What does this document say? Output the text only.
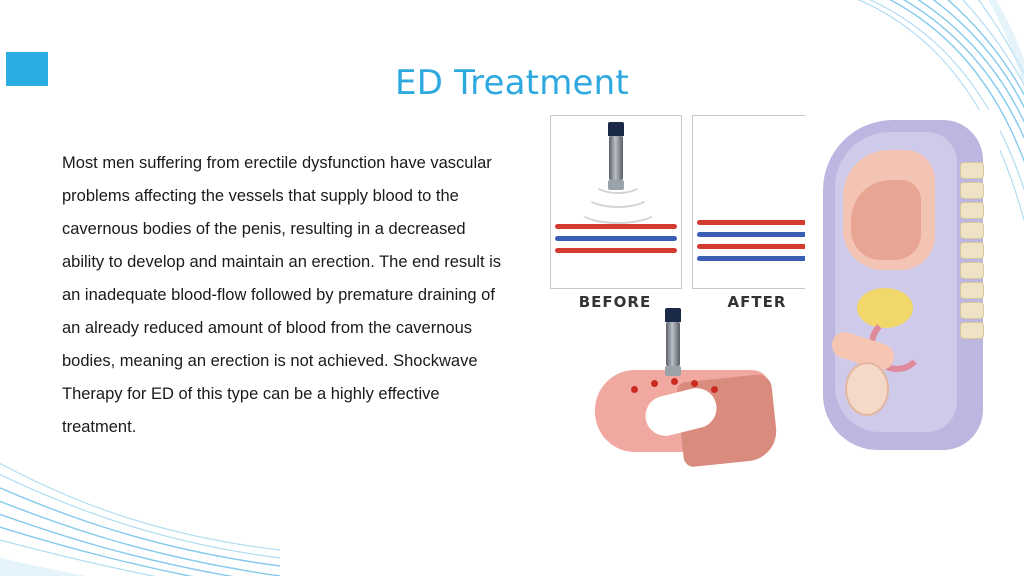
ED Treatment

Most men suffering from erectile dysfunction have vascular problems affecting the vessels that supply blood to the cavernous bodies of the penis, resulting in a decreased ability to develop and maintain an erection. The end result is an inadequate blood-flow followed by premature draining of an already reduced amount of blood from the cavernous bodies, meaning an erection is not achieved. Shockwave Therapy for ED of this type can be a highly effective treatment.

BEFORE	AFTER
